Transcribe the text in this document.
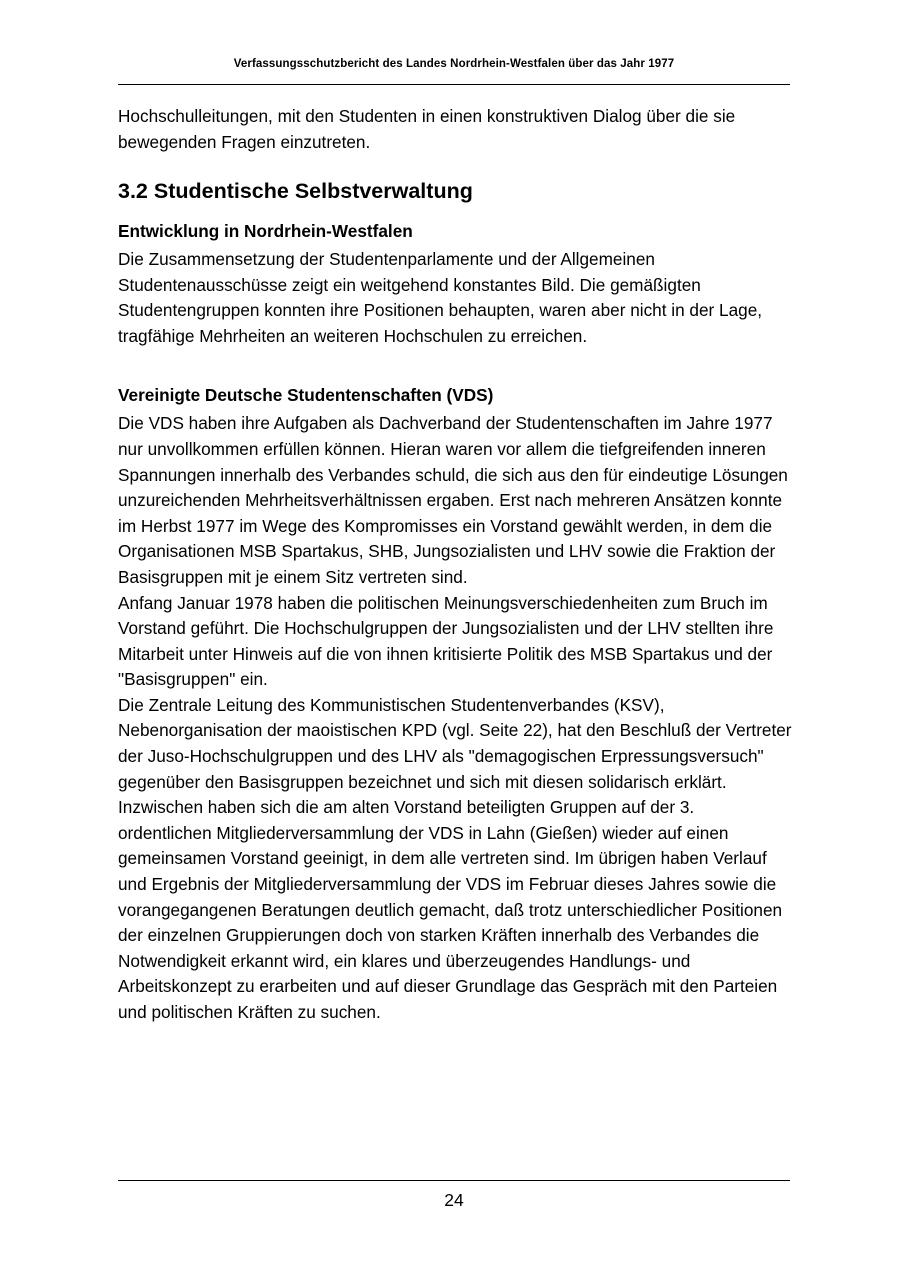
Verfassungsschutzbericht des Landes Nordrhein-Westfalen über das Jahr 1977

Hochschulleitungen, mit den Studenten in einen konstruktiven Dialog über die sie bewegenden Fragen einzutreten.

3.2 Studentische Selbstverwaltung
Entwicklung in Nordrhein-Westfalen

Die Zusammensetzung der Studentenparlamente und der Allgemeinen Studentenausschüsse zeigt ein weitgehend konstantes Bild. Die gemäßigten Studentengruppen konnten ihre Positionen behaupten, waren aber nicht in der Lage, tragfähige Mehrheiten an weiteren Hochschulen zu erreichen.

Vereinigte Deutsche Studentenschaften (VDS)

Die VDS haben ihre Aufgaben als Dachverband der Studentenschaften im Jahre 1977 nur unvollkommen erfüllen können. Hieran waren vor allem die tiefgreifenden inneren Spannungen innerhalb des Verbandes schuld, die sich aus den für eindeutige Lösungen unzureichenden Mehrheitsverhältnissen ergaben. Erst nach mehreren Ansätzen konnte im Herbst 1977 im Wege des Kompromisses ein Vorstand gewählt werden, in dem die Organisationen MSB Spartakus, SHB, Jungsozialisten und LHV sowie die Fraktion der Basisgruppen mit je einem Sitz vertreten sind.

Anfang Januar 1978 haben die politischen Meinungsverschiedenheiten zum Bruch im Vorstand geführt. Die Hochschulgruppen der Jungsozialisten und der LHV stellten ihre Mitarbeit unter Hinweis auf die von ihnen kritisierte Politik des MSB Spartakus und der "Basisgruppen" ein.

Die Zentrale Leitung des Kommunistischen Studentenverbandes (KSV), Nebenorganisation der maoistischen KPD (vgl. Seite 22), hat den Beschluß der Vertreter der Juso-Hochschulgruppen und des LHV als "demagogischen Erpressungsversuch" gegenüber den Basisgruppen bezeichnet und sich mit diesen solidarisch erklärt.

Inzwischen haben sich die am alten Vorstand beteiligten Gruppen auf der 3. ordentlichen Mitgliederversammlung der VDS in Lahn (Gießen) wieder auf einen gemeinsamen Vorstand geeinigt, in dem alle vertreten sind. Im übrigen haben Verlauf und Ergebnis der Mitgliederversammlung der VDS im Februar dieses Jahres sowie die vorangegangenen Beratungen deutlich gemacht, daß trotz unterschiedlicher Positionen der einzelnen Gruppierungen doch von starken Kräften innerhalb des Verbandes die Notwendigkeit erkannt wird, ein klares und überzeugendes Handlungs- und Arbeitskonzept zu erarbeiten und auf dieser Grundlage das Gespräch mit den Parteien und politischen Kräften zu suchen.

24
